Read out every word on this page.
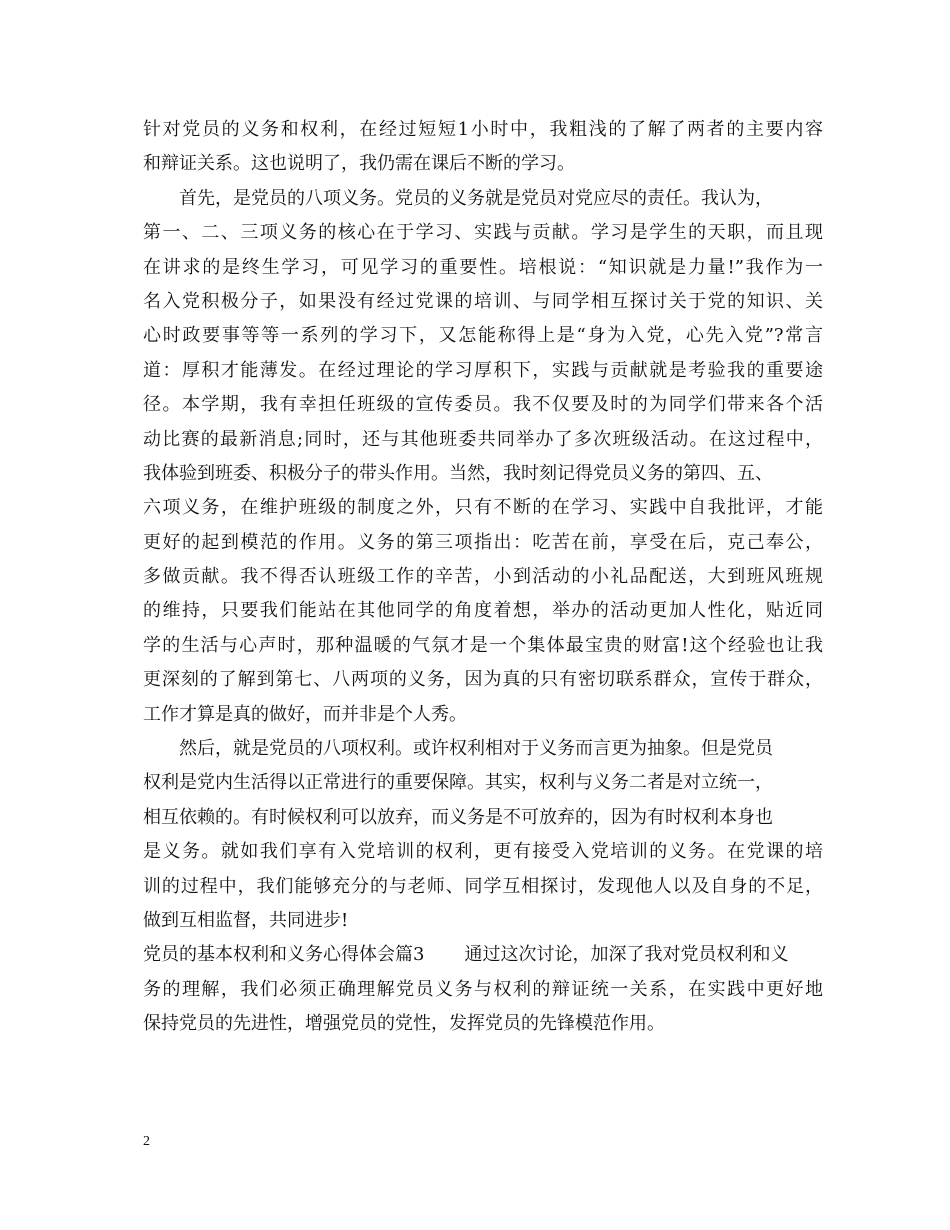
针对党员的义务和权利，在经过短短1小时中，我粗浅的了解了两者的主要内容
和辩证关系。这也说明了，我仍需在课后不断的学习。
首先，是党员的八项义务。党员的义务就是党员对党应尽的责任。我认为，
第一、二、三项义务的核心在于学习、实践与贡献。学习是学生的天职，而且现
在讲求的是终生学习，可见学习的重要性。培根说：“知识就是力量!”我作为一
名入党积极分子，如果没有经过党课的培训、与同学相互探讨关于党的知识、关
心时政要事等等一系列的学习下，又怎能称得上是“身为入党，心先入党”?常言
道：厚积才能薄发。在经过理论的学习厚积下，实践与贡献就是考验我的重要途
径。本学期，我有幸担任班级的宣传委员。我不仅要及时的为同学们带来各个活
动比赛的最新消息;同时，还与其他班委共同举办了多次班级活动。在这过程中，
我体验到班委、积极分子的带头作用。当然，我时刻记得党员义务的第四、五、
六项义务，在维护班级的制度之外，只有不断的在学习、实践中自我批评，才能
更好的起到模范的作用。义务的第三项指出：吃苦在前，享受在后，克己奉公，
多做贡献。我不得否认班级工作的辛苦，小到活动的小礼品配送，大到班风班规
的维持，只要我们能站在其他同学的角度着想，举办的活动更加人性化，贴近同
学的生活与心声时，那种温暖的气氛才是一个集体最宝贵的财富!这个经验也让我
更深刻的了解到第七、八两项的义务，因为真的只有密切联系群众，宣传于群众，
工作才算是真的做好，而并非是个人秀。
然后，就是党员的八项权利。或许权利相对于义务而言更为抽象。但是党员
权利是党内生活得以正常进行的重要保障。其实，权利与义务二者是对立统一，
相互依赖的。有时候权利可以放弃，而义务是不可放弃的，因为有时权利本身也
是义务。就如我们享有入党培训的权利，更有接受入党培训的义务。在党课的培
训的过程中，我们能够充分的与老师、同学互相探讨，发现他人以及自身的不足，
做到互相监督，共同进步!
党员的基本权利和义务心得体会篇3 通过这次讨论，加深了我对党员权利和义
务的理解，我们必须正确理解党员义务与权利的辩证统一关系，在实践中更好地
保持党员的先进性，增强党员的党性，发挥党员的先锋模范作用。
2
